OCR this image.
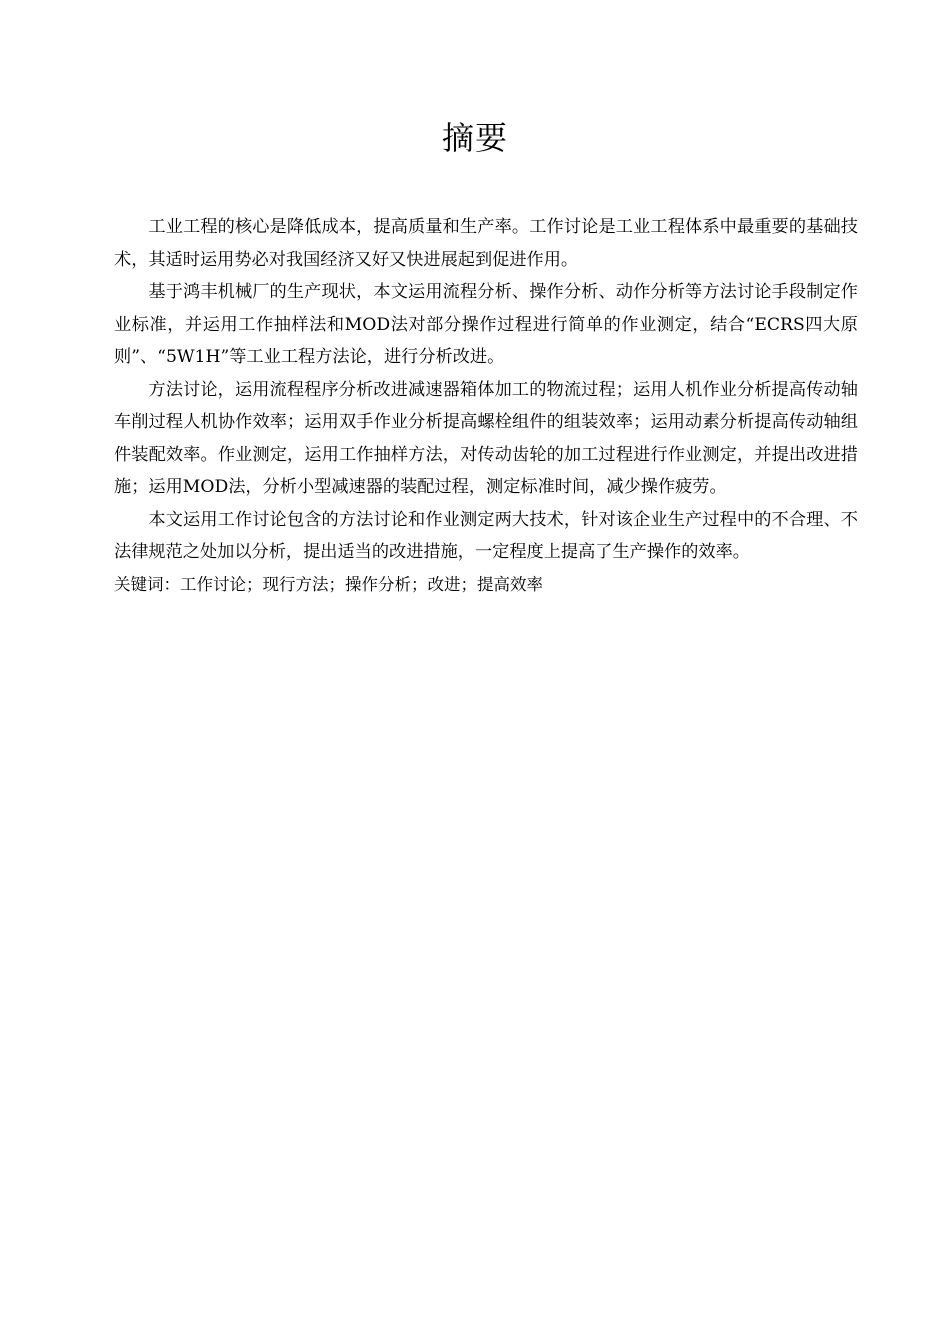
摘要

工业工程的核心是降低成本，提高质量和生产率。工作讨论是工业工程体系中最重要的基础技术，其适时运用势必对我国经济又好又快进展起到促进作用。

基于鸿丰机械厂的生产现状，本文运用流程分析、操作分析、动作分析等方法讨论手段制定作业标准，并运用工作抽样法和MOD法对部分操作过程进行简单的作业测定，结合“ECRS四大原则”、“5W1H”等工业工程方法论，进行分析改进。

方法讨论，运用流程程序分析改进减速器箱体加工的物流过程；运用人机作业分析提高传动轴车削过程人机协作效率；运用双手作业分析提高螺栓组件的组装效率；运用动素分析提高传动轴组件装配效率。作业测定，运用工作抽样方法，对传动齿轮的加工过程进行作业测定，并提出改进措施；运用MOD法，分析小型减速器的装配过程，测定标准时间，减少操作疲劳。

本文运用工作讨论包含的方法讨论和作业测定两大技术，针对该企业生产过程中的不合理、不法律规范之处加以分析，提出适当的改进措施，一定程度上提高了生产操作的效率。

关键词：工作讨论；现行方法；操作分析；改进；提高效率
